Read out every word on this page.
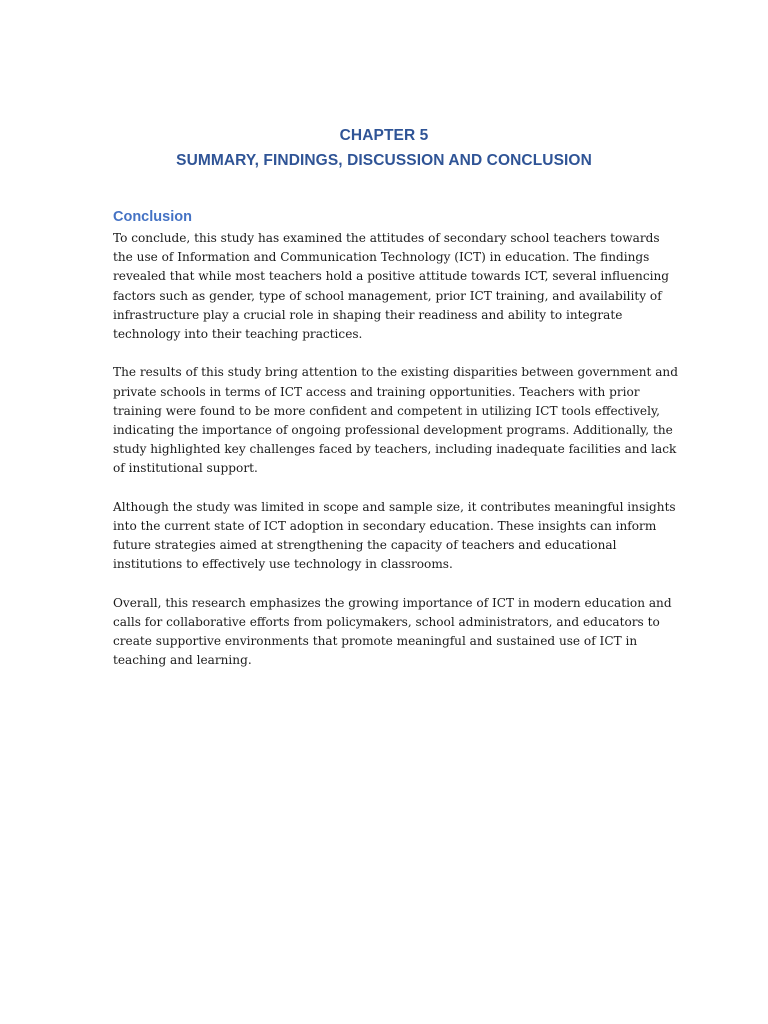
CHAPTER 5
SUMMARY, FINDINGS, DISCUSSION AND CONCLUSION
Conclusion

To conclude, this study has examined the attitudes of secondary school teachers towards
the use of Information and Communication Technology (ICT) in education. The findings
revealed that while most teachers hold a positive attitude towards ICT, several influencing
factors such as gender, type of school management, prior ICT training, and availability of
infrastructure play a crucial role in shaping their readiness and ability to integrate
technology into their teaching practices.

The results of this study bring attention to the existing disparities between government and
private schools in terms of ICT access and training opportunities. Teachers with prior
training were found to be more confident and competent in utilizing ICT tools effectively,
indicating the importance of ongoing professional development programs. Additionally, the
study highlighted key challenges faced by teachers, including inadequate facilities and lack
of institutional support.

Although the study was limited in scope and sample size, it contributes meaningful insights
into the current state of ICT adoption in secondary education. These insights can inform
future strategies aimed at strengthening the capacity of teachers and educational
institutions to effectively use technology in classrooms.

Overall, this research emphasizes the growing importance of ICT in modern education and
calls for collaborative efforts from policymakers, school administrators, and educators to
create supportive environments that promote meaningful and sustained use of ICT in
teaching and learning.
